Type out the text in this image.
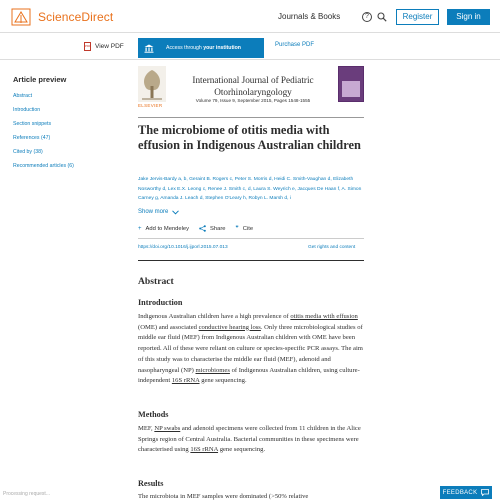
ScienceDirect	Journals & Books	?	Register	Sign in
PDF View PDF	Access through your institution	Purchase PDF
Article preview
Abstract
Introduction
Section snippets
References (47)
Cited by (38)
Recommended articles (6)
ELSEVIER
International Journal of Pediatric Otorhinolaryngology
Volume 79, Issue 9, September 2015, Pages 1548-1555
The microbiome of otitis media with effusion in Indigenous Australian children
Jake Jervis-Bardy a, b, Geraint B. Rogers c, Peter S. Morris d, Heidi C. Smith-Vaughan d, Elizabeth Nosworthy d, Lex E.X. Leong c, Renee J. Smith c, d, Laura S. Weyrich e, Jacques De Haan f, A. Simon Carney g, Amanda J. Leach d, Stephen O'Leary h, Robyn L. Marsh d, i
Show more
+ Add to Mendeley	Share ❞ Cite
https://doi.org/10.1016/j.ijporl.2015.07.013	Get rights and content
Abstract
Introduction

Indigenous Australian children have a high prevalence of otitis media with effusion (OME) and associated conductive hearing loss. Only three microbiological studies of middle ear fluid (MEF) from Indigenous Australian children with OME have been reported. All of these were reliant on culture or species-specific PCR assays. The aim of this study was to characterise the middle ear fluid (MEF), adenoid and nasopharyngeal (NP) microbiomes of Indigenous Australian children, using culture-independent 16S rRNA gene sequencing.

Methods

MEF, NP swabs and adenoid specimens were collected from 11 children in the Alice Springs region of Central Australia. Bacterial communities in these specimens were characterised using 16S rRNA gene sequencing.

Results

The microbiota in MEF samples were dominated (>50% relative

Processing request...	FEEDBACK
